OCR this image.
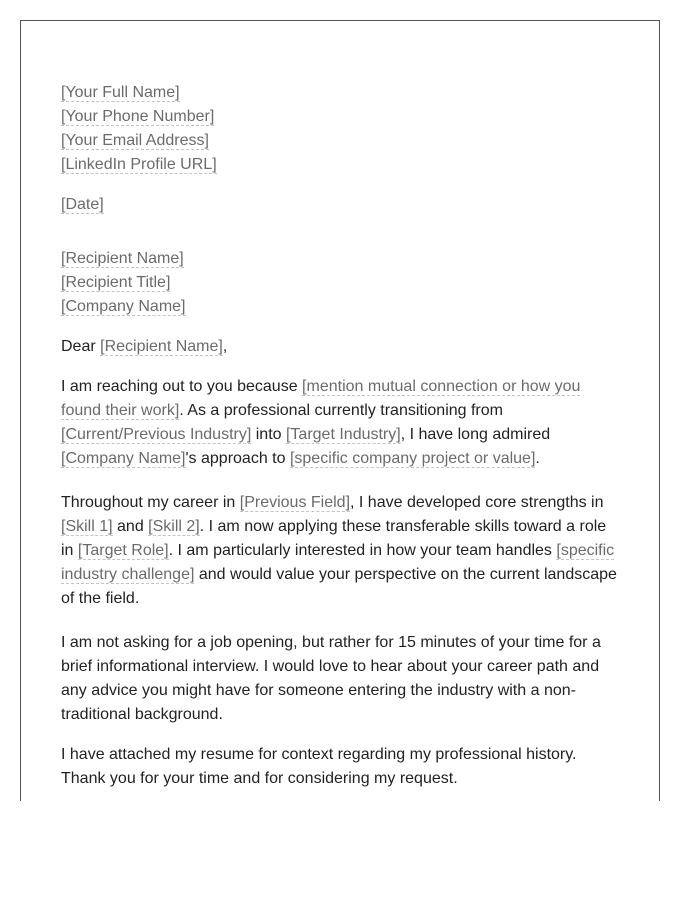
[Your Full Name]
[Your Phone Number]
[Your Email Address]
[LinkedIn Profile URL]
[Date]
[Recipient Name]
[Recipient Title]
[Company Name]
Dear [Recipient Name],

I am reaching out to you because [mention mutual connection or how you found their work]. As a professional currently transitioning from [Current/Previous Industry] into [Target Industry], I have long admired [Company Name]'s approach to [specific company project or value].

Throughout my career in [Previous Field], I have developed core strengths in [Skill 1] and [Skill 2]. I am now applying these transferable skills toward a role in [Target Role]. I am particularly interested in how your team handles [specific industry challenge] and would value your perspective on the current landscape of the field.

I am not asking for a job opening, but rather for 15 minutes of your time for a brief informational interview. I would love to hear about your career path and any advice you might have for someone entering the industry with a non-traditional background.

I have attached my resume for context regarding my professional history. Thank you for your time and for considering my request.
